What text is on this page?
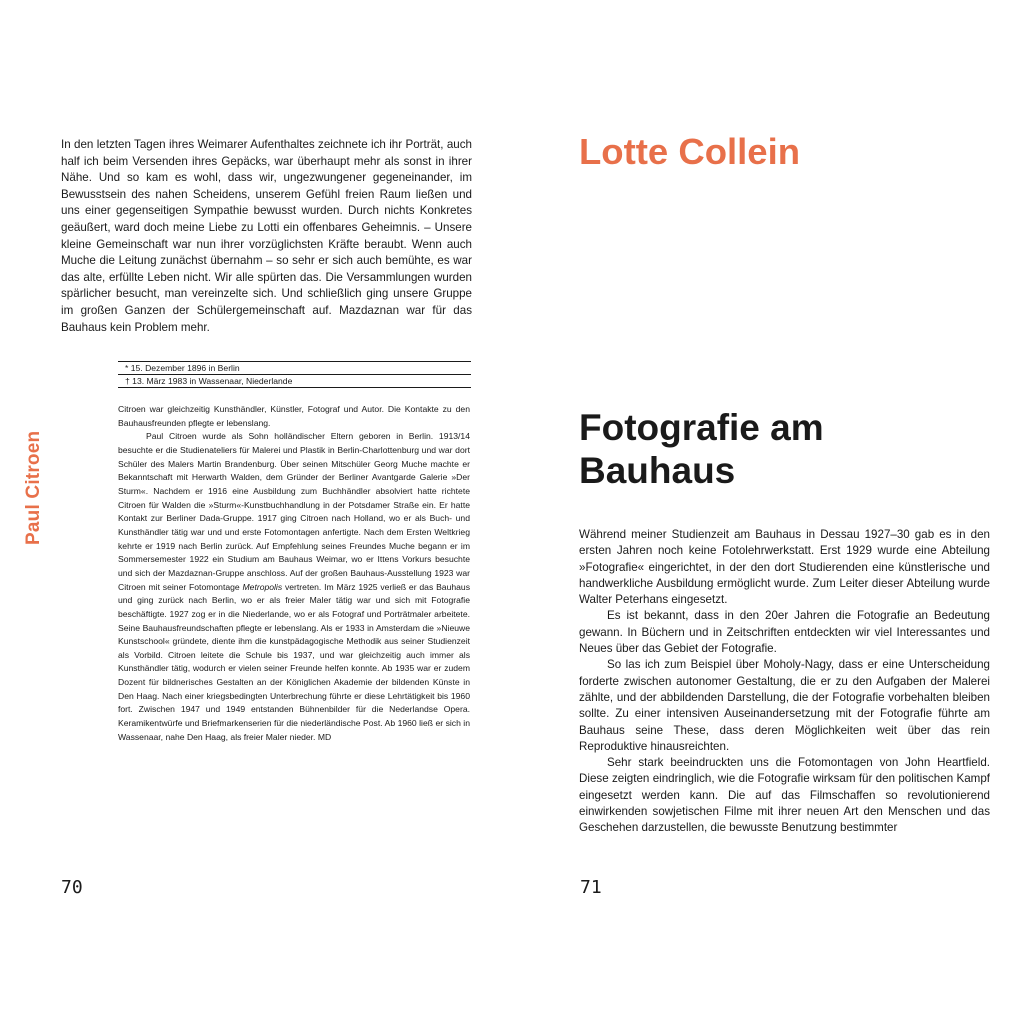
In den letzten Tagen ihres Weimarer Aufenthaltes zeichnete ich ihr Porträt, auch half ich beim Versenden ihres Gepäcks, war überhaupt mehr als sonst in ihrer Nähe. Und so kam es wohl, dass wir, ungezwungener gegeneinander, im Bewusstsein des nahen Scheidens, unserem Gefühl freien Raum ließen und uns einer gegenseitigen Sympathie bewusst wurden. Durch nichts Konkretes geäußert, ward doch meine Liebe zu Lotti ein offenbares Geheimnis. – Unsere kleine Gemeinschaft war nun ihrer vorzüglichsten Kräfte beraubt. Wenn auch Muche die Leitung zunächst übernahm – so sehr er sich auch bemühte, es war das alte, erfüllte Leben nicht. Wir alle spürten das. Die Versammlungen wurden spärlicher besucht, man vereinzelte sich. Und schließlich ging unsere Gruppe im großen Ganzen der Schülergemeinschaft auf. Mazdaznan war für das Bauhaus kein Problem mehr.

* 15. Dezember 1896 in Berlin
† 13. März 1983 in Wassenaar, Niederlande

Citroen war gleichzeitig Kunsthändler, Künstler, Fotograf und Autor. Die Kontakte zu den Bauhausfreunden pflegte er lebenslang.

Paul Citroen wurde als Sohn holländischer Eltern geboren in Berlin. 1913/14 besuchte er die Studienateliers für Malerei und Plastik in Berlin-Charlottenburg und war dort Schüler des Malers Martin Brandenburg. Über seinen Mitschüler Georg Muche machte er Bekanntschaft mit Herwarth Walden, dem Gründer der Berliner Avantgarde Galerie »Der Sturm«. Nachdem er 1916 eine Ausbildung zum Buchhändler absolviert hatte richtete Citroen für Walden die »Sturm«-Kunstbuchhandlung in der Potsdamer Straße ein. Er hatte Kontakt zur Berliner Dada-Gruppe. 1917 ging Citroen nach Holland, wo er als Buch- und Kunsthändler tätig war und und erste Fotomontagen anfertigte. Nach dem Ersten Weltkrieg kehrte er 1919 nach Berlin zurück. Auf Empfehlung seines Freundes Muche begann er im Sommersemester 1922 ein Studium am Bauhaus Weimar, wo er Ittens Vorkurs besuchte und sich der Mazdaznan-Gruppe anschloss. Auf der großen Bauhaus-Ausstellung 1923 war Citroen mit seiner Fotomontage Metropolis vertreten. Im März 1925 verließ er das Bauhaus und ging zurück nach Berlin, wo er als freier Maler tätig war und sich mit Fotografie beschäftigte. 1927 zog er in die Niederlande, wo er als Fotograf und Porträtmaler arbeitete. Seine Bauhausfreundschaften pflegte er lebenslang. Als er 1933 in Amsterdam die »Nieuwe Kunstschool« gründete, diente ihm die kunstpädagogische Methodik aus seiner Studienzeit als Vorbild. Citroen leitete die Schule bis 1937, und war gleichzeitig auch immer als Kunsthändler tätig, wodurch er vielen seiner Freunde helfen konnte. Ab 1935 war er zudem Dozent für bildnerisches Gestalten an der Königlichen Akademie der bildenden Künste in Den Haag. Nach einer kriegsbedingten Unterbrechung führte er diese Lehrtätigkeit bis 1960 fort. Zwischen 1947 und 1949 entstanden Bühnenbilder für die Nederlandse Opera. Keramikentwürfe und Briefmarkenserien für die niederländische Post. Ab 1960 ließ er sich in Wassenaar, nahe Den Haag, als freier Maler nieder. MD

Paul Citroen

70

Lotte Collein
Fotografie am Bauhaus

Während meiner Studienzeit am Bauhaus in Dessau 1927–30 gab es in den ersten Jahren noch keine Fotolehrwerkstatt. Erst 1929 wurde eine Abteilung »Fotografie« eingerichtet, in der den dort Studierenden eine künstlerische und handwerkliche Ausbildung ermöglicht wurde. Zum Leiter dieser Abteilung wurde Walter Peterhans eingesetzt.

Es ist bekannt, dass in den 20er Jahren die Fotografie an Bedeutung gewann. In Büchern und in Zeitschriften entdeckten wir viel Interessantes und Neues über das Gebiet der Fotografie.

So las ich zum Beispiel über Moholy-Nagy, dass er eine Unterscheidung forderte zwischen autonomer Gestaltung, die er zu den Aufgaben der Malerei zählte, und der abbildenden Darstellung, die der Fotografie vorbehalten bleiben sollte. Zu einer intensiven Auseinandersetzung mit der Fotografie führte am Bauhaus seine These, dass deren Möglichkeiten weit über das rein Reproduktive hinausreichten.

Sehr stark beeindruckten uns die Fotomontagen von John Heartfield. Diese zeigten eindringlich, wie die Fotografie wirksam für den politischen Kampf eingesetzt werden kann. Die auf das Filmschaffen so revolutionierend einwirkenden sowjetischen Filme mit ihrer neuen Art den Menschen und das Geschehen darzustellen, die bewusste Benutzung bestimmter

71
